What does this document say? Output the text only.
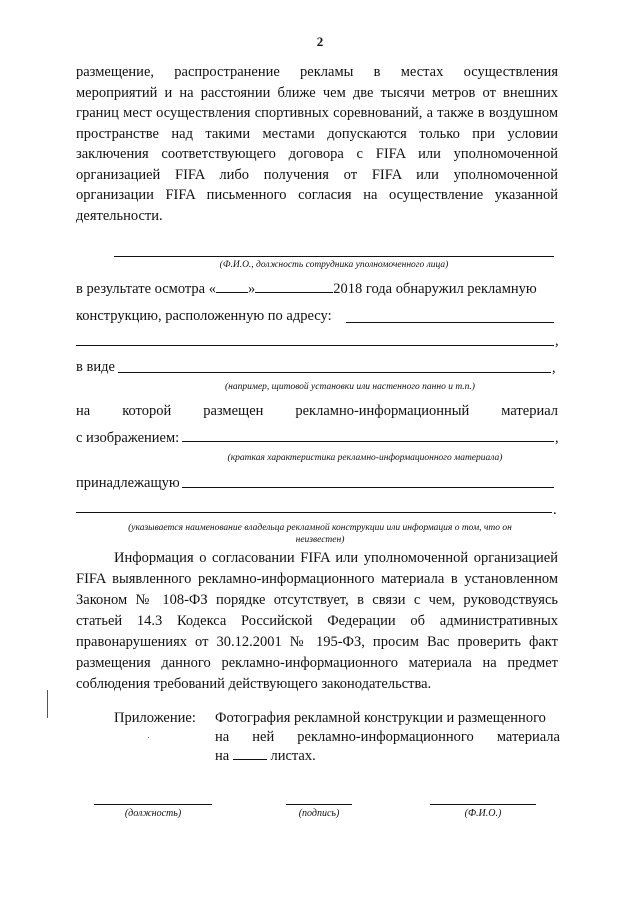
2
размещение, распространение рекламы в местах осуществления мероприятий и на расстоянии ближе чем две тысячи метров от внешних границ мест осуществления спортивных соревнований, а также в воздушном пространстве над такими местами допускаются только при условии заключения соответствующего договора с FIFA или уполномоченной организацией FIFA либо получения от FIFA или уполномоченной организации FIFA письменного согласия на осуществление указанной деятельности.
(Ф.И.О., должность сотрудника уполномоченного лица)
в результате осмотра « »	2018 года обнаружил рекламную
конструкцию, расположенную по адресу:
,
в виде	,
(например, щитовой установки или настенного панно и т.п.)
на которой размещен рекламно-информационный материал
с изображением:	,
(краткая характеристика рекламно-информационного материала)
принадлежащую
.
(указывается наименование владельца рекламной конструкции или информация о том, что он неизвестен)
Информация о согласовании FIFA или уполномоченной организацией FIFA выявленного рекламно-информационного материала в установленном Законом № 108-ФЗ порядке отсутствует, в связи с чем, руководствуясь статьей 14.3 Кодекса Российской Федерации об административных правонарушениях от 30.12.2001 № 195-ФЗ, просим Вас проверить факт размещения данного рекламно-информационного материала на предмет соблюдения требований действующего законодательства.
Приложение:	Фотография рекламной конструкции и размещенного
на ней рекламно-информационного материала
на	листах.
(должность)	(подпись)	(Ф.И.О.)
